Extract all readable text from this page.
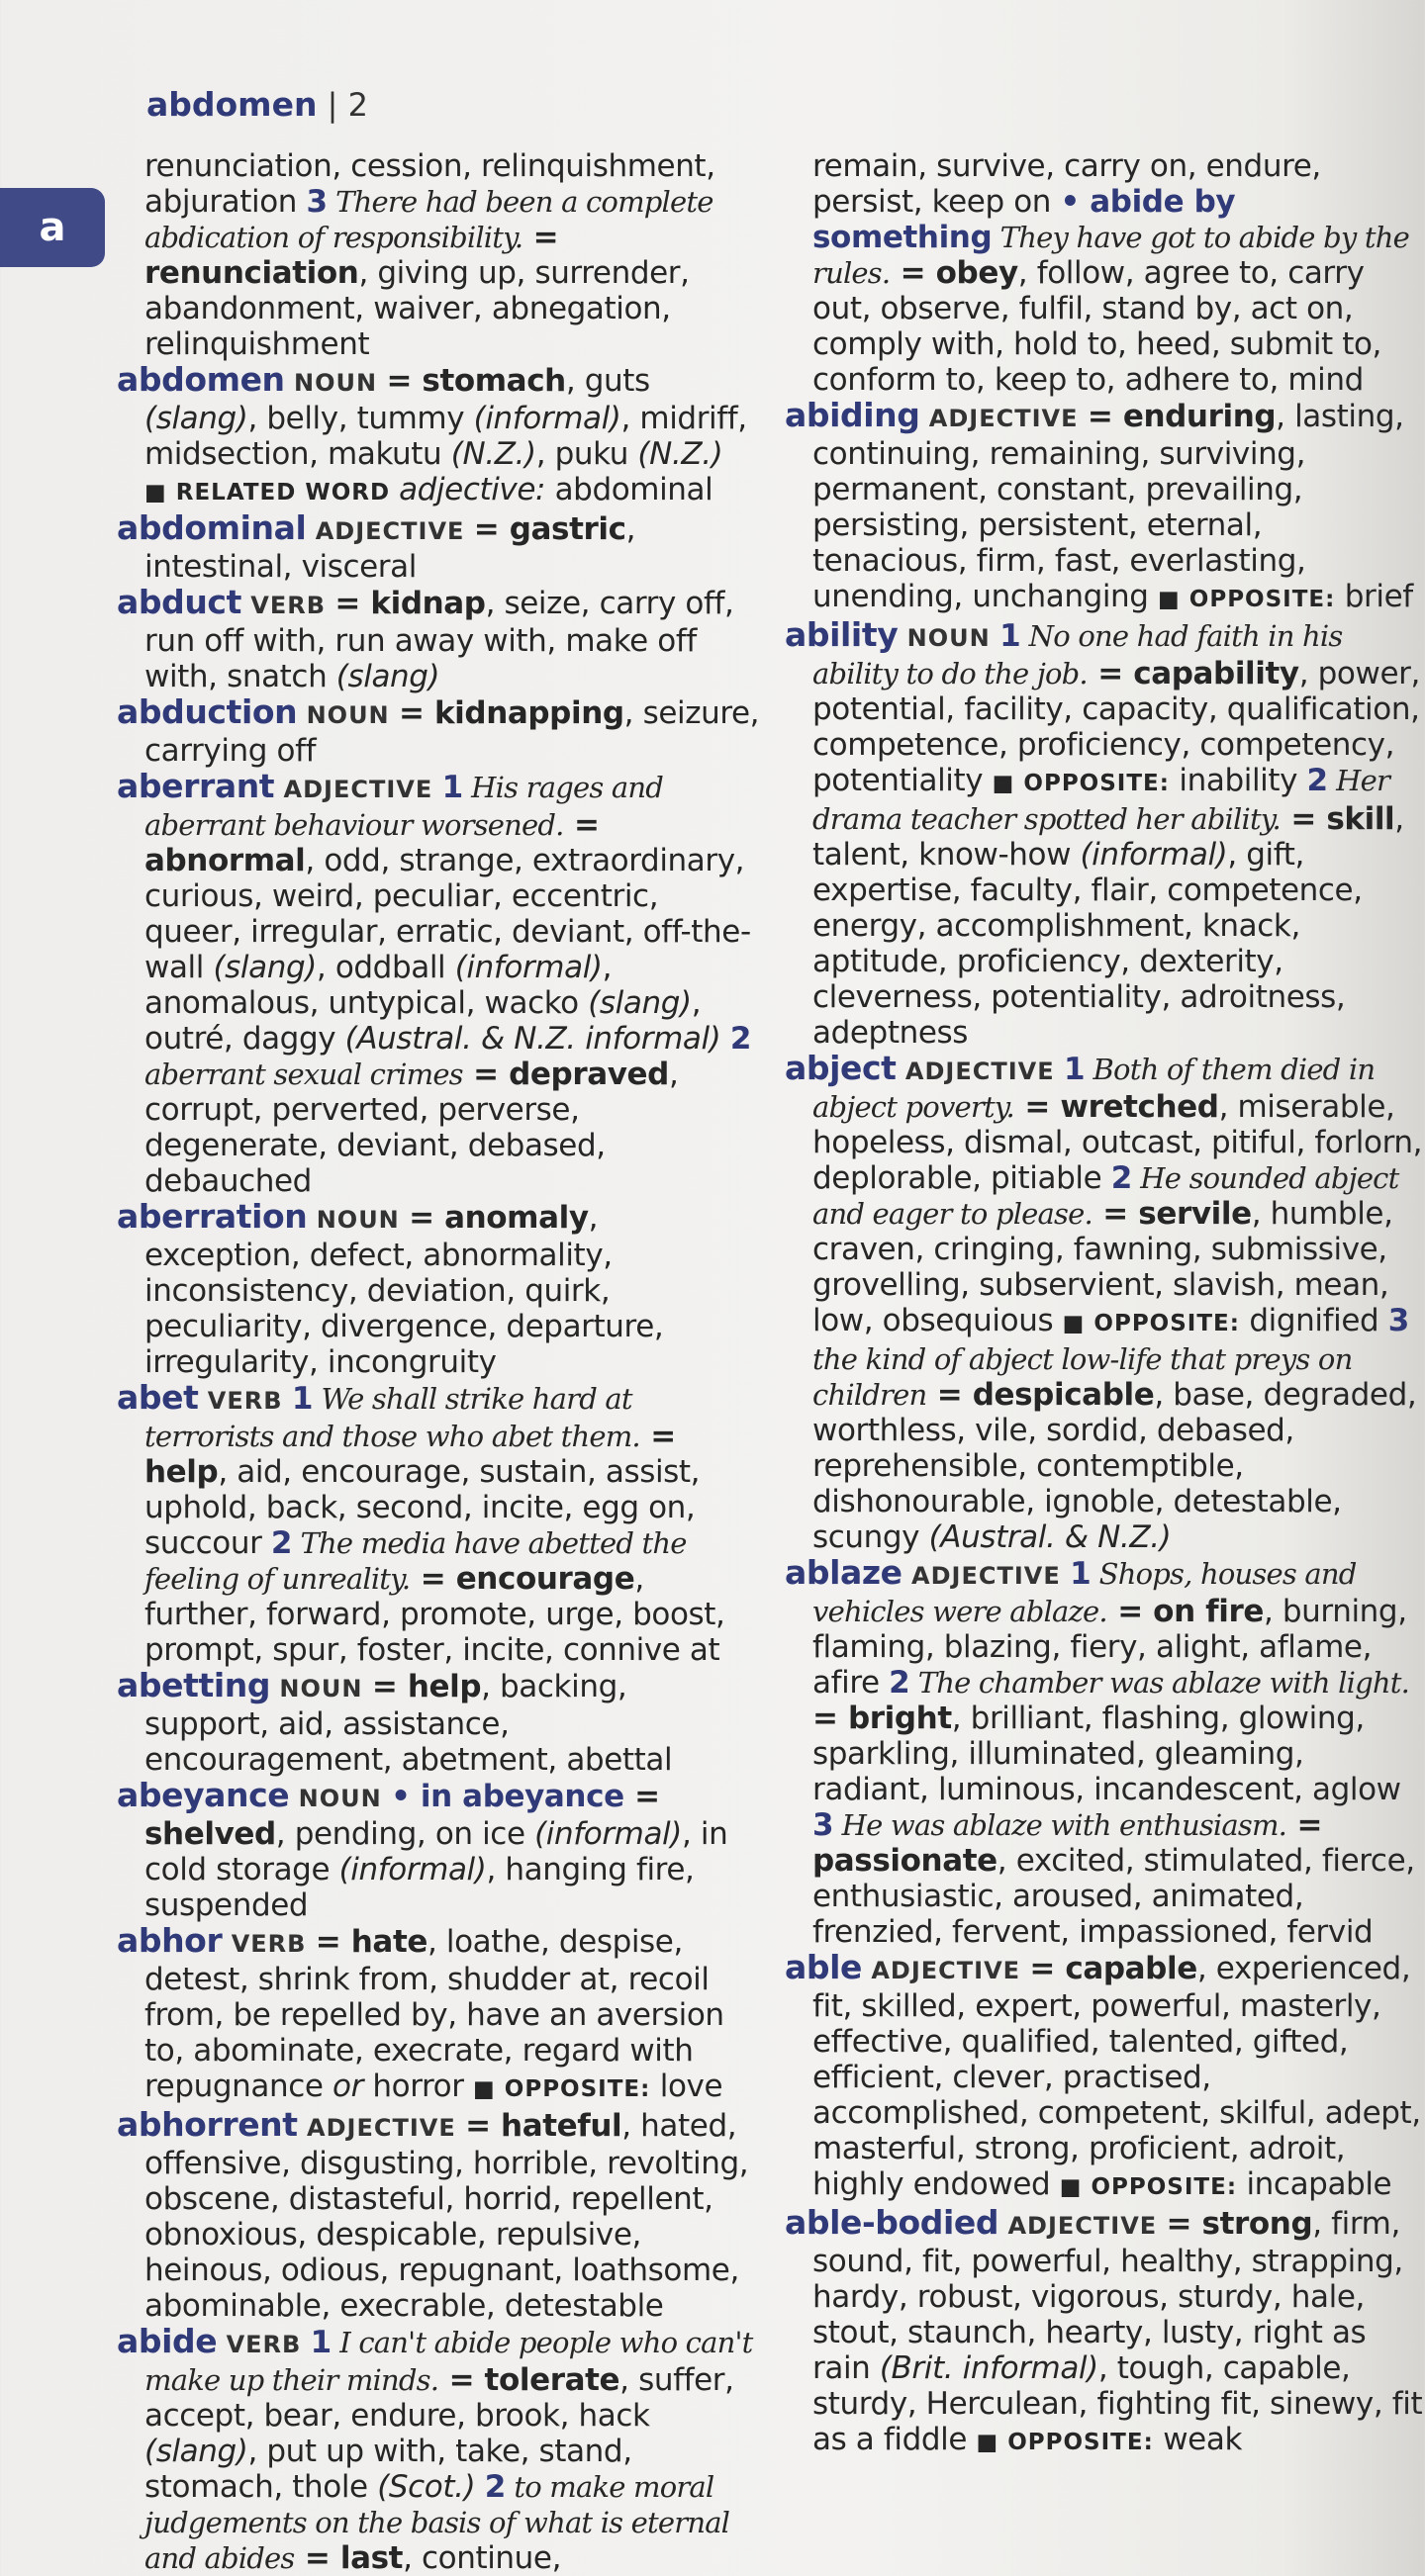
abdomen | 2
a
renunciation, cession, relinquishment, abjuration 3 There had been a complete abdication of responsibility. = renunciation, giving up, surrender, abandonment, waiver, abnegation, relinquishment
abdomen NOUN = stomach, guts (slang), belly, tummy (informal), midriff, midsection, makutu (N.Z.), puku (N.Z.)
■ RELATED WORD adjective: abdominal
abdominal ADJECTIVE = gastric, intestinal, visceral
abduct VERB = kidnap, seize, carry off, run off with, run away with, make off with, snatch (slang)
abduction NOUN = kidnapping, seizure, carrying off
aberrant ADJECTIVE 1 His rages and aberrant behaviour worsened. = abnormal, odd, strange, extraordinary, curious, weird, peculiar, eccentric, queer, irregular, erratic, deviant, off-the-wall (slang), oddball (informal), anomalous, untypical, wacko (slang), outré, daggy (Austral. & N.Z. informal) 2 aberrant sexual crimes = depraved, corrupt, perverted, perverse, degenerate, deviant, debased, debauched
aberration NOUN = anomaly, exception, defect, abnormality, inconsistency, deviation, quirk, peculiarity, divergence, departure, irregularity, incongruity
abet VERB 1 We shall strike hard at terrorists and those who abet them. = help, aid, encourage, sustain, assist, uphold, back, second, incite, egg on, succour 2 The media have abetted the feeling of unreality. = encourage, further, forward, promote, urge, boost, prompt, spur, foster, incite, connive at
abetting NOUN = help, backing, support, aid, assistance, encouragement, abetment, abettal
abeyance NOUN • in abeyance = shelved, pending, on ice (informal), in cold storage (informal), hanging fire, suspended
abhor VERB = hate, loathe, despise, detest, shrink from, shudder at, recoil from, be repelled by, have an aversion to, abominate, execrate, regard with repugnance or horror ■ OPPOSITE: love
abhorrent ADJECTIVE = hateful, hated, offensive, disgusting, horrible, revolting, obscene, distasteful, horrid, repellent, obnoxious, despicable, repulsive, heinous, odious, repugnant, loathsome, abominable, execrable, detestable
abide VERB 1 I can't abide people who can't make up their minds. = tolerate, suffer, accept, bear, endure, brook, hack (slang), put up with, take, stand, stomach, thole (Scot.) 2 to make moral judgements on the basis of what is eternal and abides = last, continue,
remain, survive, carry on, endure, persist, keep on • abide by something They have got to abide by the rules. = obey, follow, agree to, carry out, observe, fulfil, stand by, act on, comply with, hold to, heed, submit to, conform to, keep to, adhere to, mind
abiding ADJECTIVE = enduring, lasting, continuing, remaining, surviving, permanent, constant, prevailing, persisting, persistent, eternal, tenacious, firm, fast, everlasting, unending, unchanging ■ OPPOSITE: brief
ability NOUN 1 No one had faith in his ability to do the job. = capability, power, potential, facility, capacity, qualification, competence, proficiency, competency, potentiality ■ OPPOSITE: inability 2 Her drama teacher spotted her ability. = skill, talent, know-how (informal), gift, expertise, faculty, flair, competence, energy, accomplishment, knack, aptitude, proficiency, dexterity, cleverness, potentiality, adroitness, adeptness
abject ADJECTIVE 1 Both of them died in abject poverty. = wretched, miserable, hopeless, dismal, outcast, pitiful, forlorn, deplorable, pitiable 2 He sounded abject and eager to please. = servile, humble, craven, cringing, fawning, submissive, grovelling, subservient, slavish, mean, low, obsequious ■ OPPOSITE: dignified 3 the kind of abject low-life that preys on children = despicable, base, degraded, worthless, vile, sordid, debased, reprehensible, contemptible, dishonourable, ignoble, detestable, scungy (Austral. & N.Z.)
ablaze ADJECTIVE 1 Shops, houses and vehicles were ablaze. = on fire, burning, flaming, blazing, fiery, alight, aflame, afire 2 The chamber was ablaze with light. = bright, brilliant, flashing, glowing, sparkling, illuminated, gleaming, radiant, luminous, incandescent, aglow 3 He was ablaze with enthusiasm. = passionate, excited, stimulated, fierce, enthusiastic, aroused, animated, frenzied, fervent, impassioned, fervid
able ADJECTIVE = capable, experienced, fit, skilled, expert, powerful, masterly, effective, qualified, talented, gifted, efficient, clever, practised, accomplished, competent, skilful, adept, masterful, strong, proficient, adroit, highly endowed ■ OPPOSITE: incapable
able-bodied ADJECTIVE = strong, firm, sound, fit, powerful, healthy, strapping, hardy, robust, vigorous, sturdy, hale, stout, staunch, hearty, lusty, right as rain (Brit. informal), tough, capable, sturdy, Herculean, fighting fit, sinewy, fit as a fiddle ■ OPPOSITE: weak
